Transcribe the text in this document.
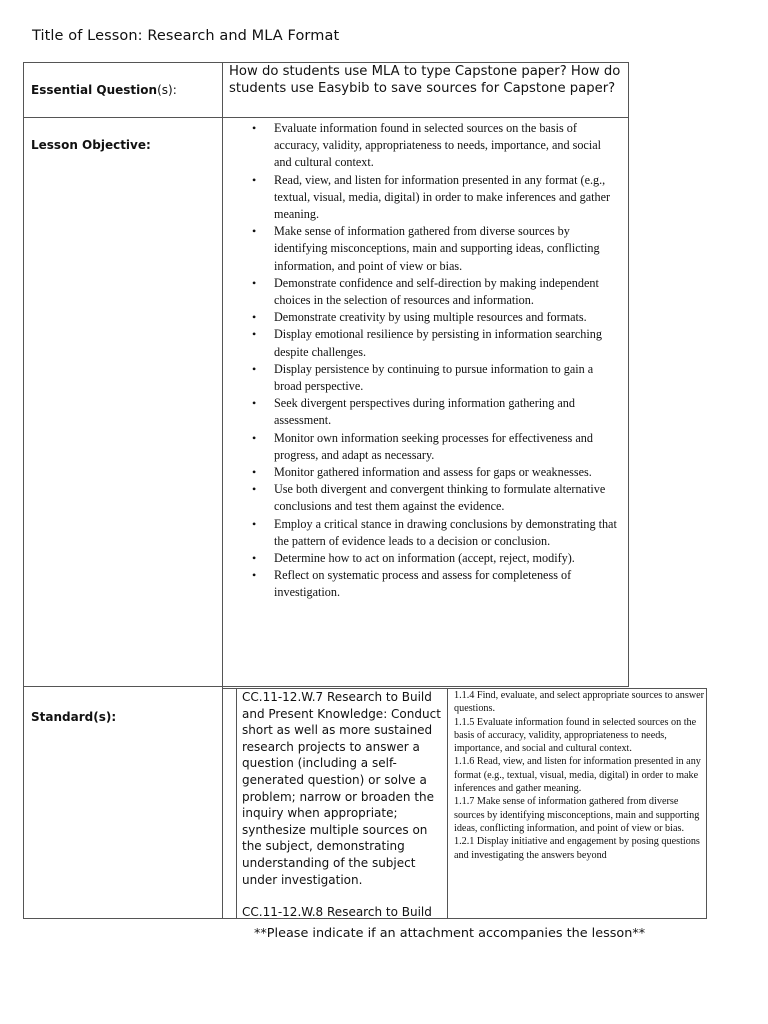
Title of Lesson: Research and MLA Format
Essential Question(s):
How do students use MLA to type Capstone paper? How do students use Easybib to save sources for Capstone paper?
Lesson Objective:
• Evaluate information found in selected sources on the basis of accuracy, validity, appropriateness to needs, importance, and social and cultural context.
• Read, view, and listen for information presented in any format (e.g., textual, visual, media, digital) in order to make inferences and gather meaning.
• Make sense of information gathered from diverse sources by identifying misconceptions, main and supporting ideas, conflicting information, and point of view or bias.
• Demonstrate confidence and self-direction by making independent choices in the selection of resources and information.
• Demonstrate creativity by using multiple resources and formats.
• Display emotional resilience by persisting in information searching despite challenges.
• Display persistence by continuing to pursue information to gain a broad perspective.
• Seek divergent perspectives during information gathering and assessment.
• Monitor own information seeking processes for effectiveness and progress, and adapt as necessary.
• Monitor gathered information and assess for gaps or weaknesses.
• Use both divergent and convergent thinking to formulate alternative conclusions and test them against the evidence.
• Employ a critical stance in drawing conclusions by demonstrating that the pattern of evidence leads to a decision or conclusion.
• Determine how to act on information (accept, reject, modify).
• Reflect on systematic process and assess for completeness of investigation.
Standard(s):

CC.11-12.W.7 Research to Build and Present Knowledge: Conduct short as well as more sustained research projects to answer a question (including a self-generated question) or solve a problem; narrow or broaden the inquiry when appropriate; synthesize multiple sources on the subject, demonstrating understanding of the subject under investigation.

CC.11-12.W.8 Research to Build

1.1.4 Find, evaluate, and select appropriate sources to answer questions.

1.1.5 Evaluate information found in selected sources on the basis of accuracy, validity, appropriateness to needs, importance, and social and cultural context.

1.1.6 Read, view, and listen for information presented in any format (e.g., textual, visual, media, digital) in order to make inferences and gather meaning.

1.1.7 Make sense of information gathered from diverse sources by identifying misconceptions, main and supporting ideas, conflicting information, and point of view or bias.

1.2.1 Display initiative and engagement by posing questions and investigating the answers beyond

**Please indicate if an attachment accompanies the lesson**
